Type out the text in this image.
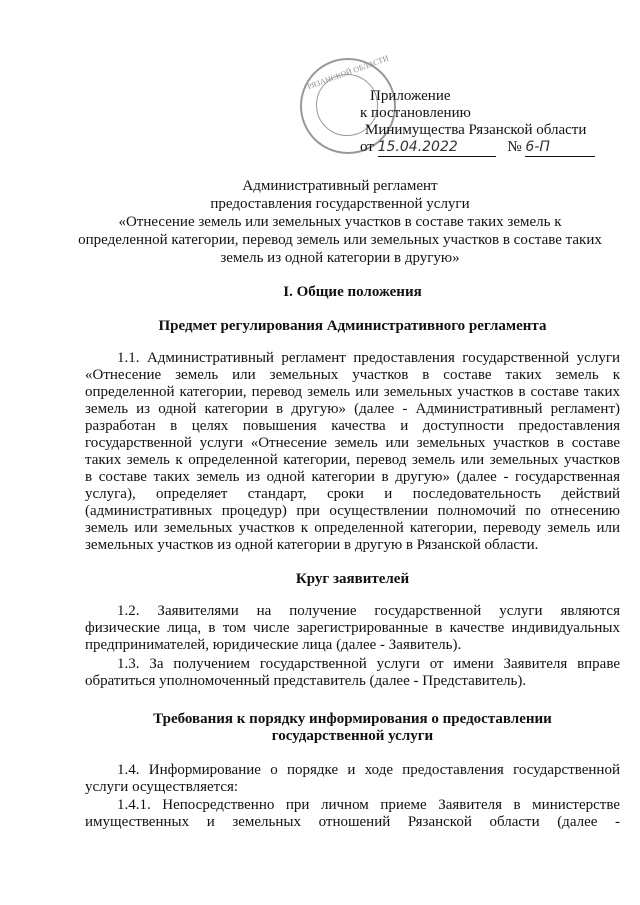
РЯЗАНСКОЙ ОБЛАСТИ
Приложение
к постановлению
Минимущества Рязанской области
от 15.04.2022	№ 6-П
Административный регламент
предоставления государственной услуги
«Отнесение земель или земельных участков в составе таких земель к
определенной категории, перевод земель или земельных участков в составе таких
земель из одной категории в другую»
I. Общие положения
Предмет регулирования Административного регламента
1.1. Административный регламент предоставления государственной услуги
«Отнесение земель или земельных участков в составе таких земель к
определенной категории, перевод земель или земельных участков в составе таких
земель из одной категории в другую» (далее - Административный регламент)
разработан в целях повышения качества и доступности предоставления
государственной услуги «Отнесение земель или земельных участков в составе
таких земель к определенной категории, перевод земель или земельных участков
в составе таких земель из одной категории в другую» (далее - государственная
услуга), определяет стандарт, сроки и последовательность действий
(административных процедур) при осуществлении полномочий по отнесению
земель или земельных участков к определенной категории, переводу земель или
земельных участков из одной категории в другую в Рязанской области.
Круг заявителей
1.2. Заявителями на получение государственной услуги являются
физические лица, в том числе зарегистрированные в качестве индивидуальных
предпринимателей, юридические лица (далее - Заявитель).
1.3. За получением государственной услуги от имени Заявителя вправе
обратиться уполномоченный представитель (далее - Представитель).
Требования к порядку информирования о предоставлении
государственной услуги
1.4. Информирование о порядке и ходе предоставления государственной
услуги осуществляется:
1.4.1. Непосредственно при личном приеме Заявителя в министерстве
имущественных и земельных отношений Рязанской области (далее -
